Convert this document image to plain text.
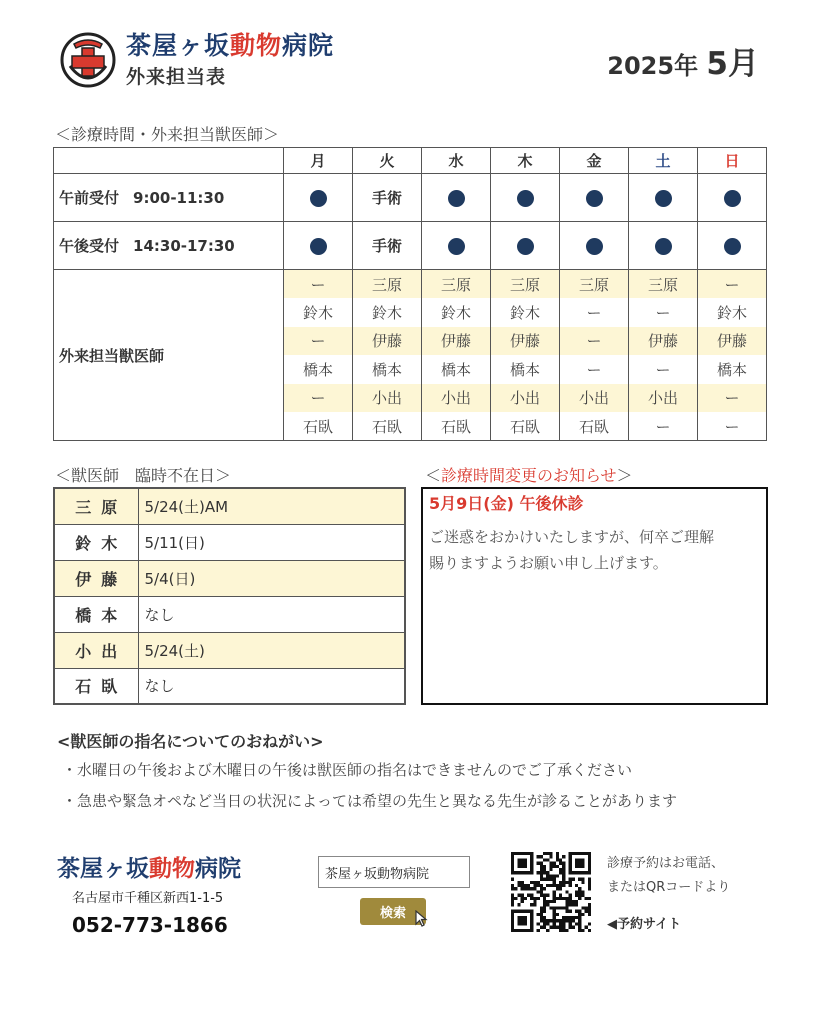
茶屋ヶ坂動物病院
外来担当表	2025年 5月
＜診療時間・外来担当獣医師＞
	月	火	水	木	金	土	日
午前受付 9:00-11:30		手術					
午後受付 14:30-17:30		手術					
外来担当獣医師	ー	三原	三原	三原	三原	三原	ー
	鈴木	鈴木	鈴木	鈴木	ー	ー	鈴木
	ー	伊藤	伊藤	伊藤	ー	伊藤	伊藤
	橋本	橋本	橋本	橋本	ー	ー	橋本
	ー	小出	小出	小出	小出	小出	ー
	石臥	石臥	石臥	石臥	石臥	ー	ー
＜獣医師　臨時不在日＞
三原	5/24(土)AM
鈴木	5/11(日)
伊藤	5/4(日)
橋本	なし
小出	5/24(土)
石臥	なし
＜診療時間変更のお知らせ＞
5月9日(金) 午後休診
ご迷惑をおかけいたしますが、何卒ご理解
賜りますようお願い申し上げます。
<獣医師の指名についてのおねがい>
・水曜日の午後および木曜日の午後は獣医師の指名はできませんのでご了承ください
・急患や緊急オペなど当日の状況によっては希望の先生と異なる先生が診ることがあります
茶屋ヶ坂動物病院
名古屋市千種区新西1-1-5
052-773-1866
茶屋ヶ坂動物病院	検索
診療予約はお電話、
またはQRコードより
◀予約サイト
